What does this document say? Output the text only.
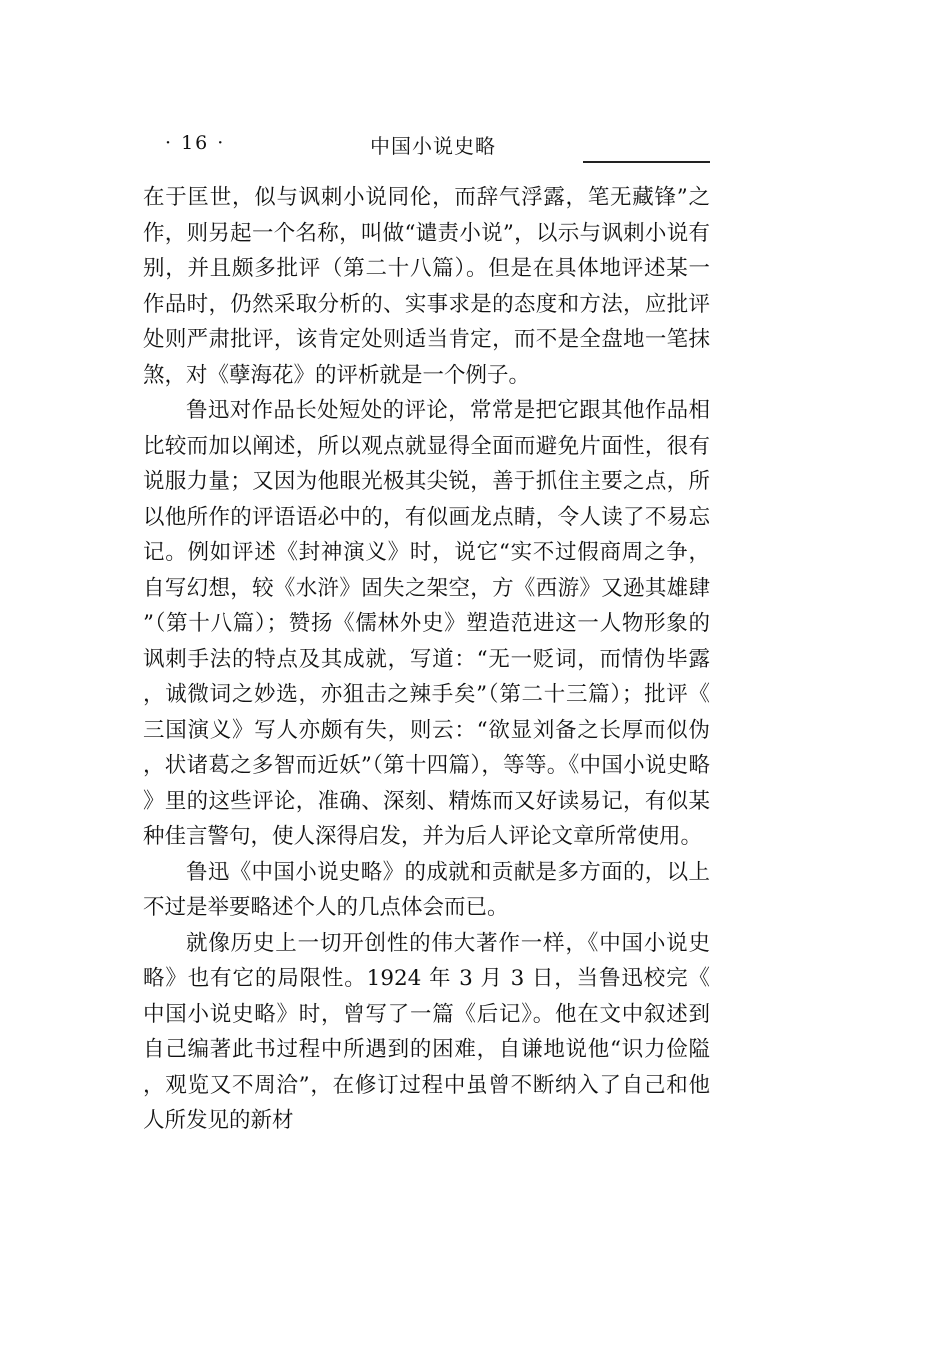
· 16 ·	中国小说史略

在于匡世，似与讽刺小说同伦，而辞气浮露，笔无藏锋”之作，则另起一个名称，叫做“谴责小说”，以示与讽刺小说有别，并且颇多批评（第二十八篇）。但是在具体地评述某一作品时，仍然采取分析的、实事求是的态度和方法，应批评处则严肃批评，该肯定处则适当肯定，而不是全盘地一笔抹煞，对《孽海花》的评析就是一个例子。

鲁迅对作品长处短处的评论，常常是把它跟其他作品相比较而加以阐述，所以观点就显得全面而避免片面性，很有说服力量；又因为他眼光极其尖锐，善于抓住主要之点，所以他所作的评语语必中的，有似画龙点睛，令人读了不易忘记。例如评述《封神演义》时，说它“实不过假商周之争，自写幻想，较《水浒》固失之架空，方《西游》又逊其雄肆”（第十八篇）；赞扬《儒林外史》塑造范进这一人物形象的讽刺手法的特点及其成就，写道：“无一贬词，而情伪毕露，诚微词之妙选，亦狙击之辣手矣”（第二十三篇）；批评《三国演义》写人亦颇有失，则云：“欲显刘备之长厚而似伪，状诸葛之多智而近妖”（第十四篇），等等。《中国小说史略》里的这些评论，准确、深刻、精炼而又好读易记，有似某种佳言警句，使人深得启发，并为后人评论文章所常使用。

鲁迅《中国小说史略》的成就和贡献是多方面的，以上不过是举要略述个人的几点体会而已。

就像历史上一切开创性的伟大著作一样，《中国小说史略》也有它的局限性。1924 年 3 月 3 日，当鲁迅校完《中国小说史略》时，曾写了一篇《后记》。他在文中叙述到自己编著此书过程中所遇到的困难，自谦地说他“识力俭隘，观览又不周洽”，在修订过程中虽曾不断纳入了自己和他人所发见的新材
